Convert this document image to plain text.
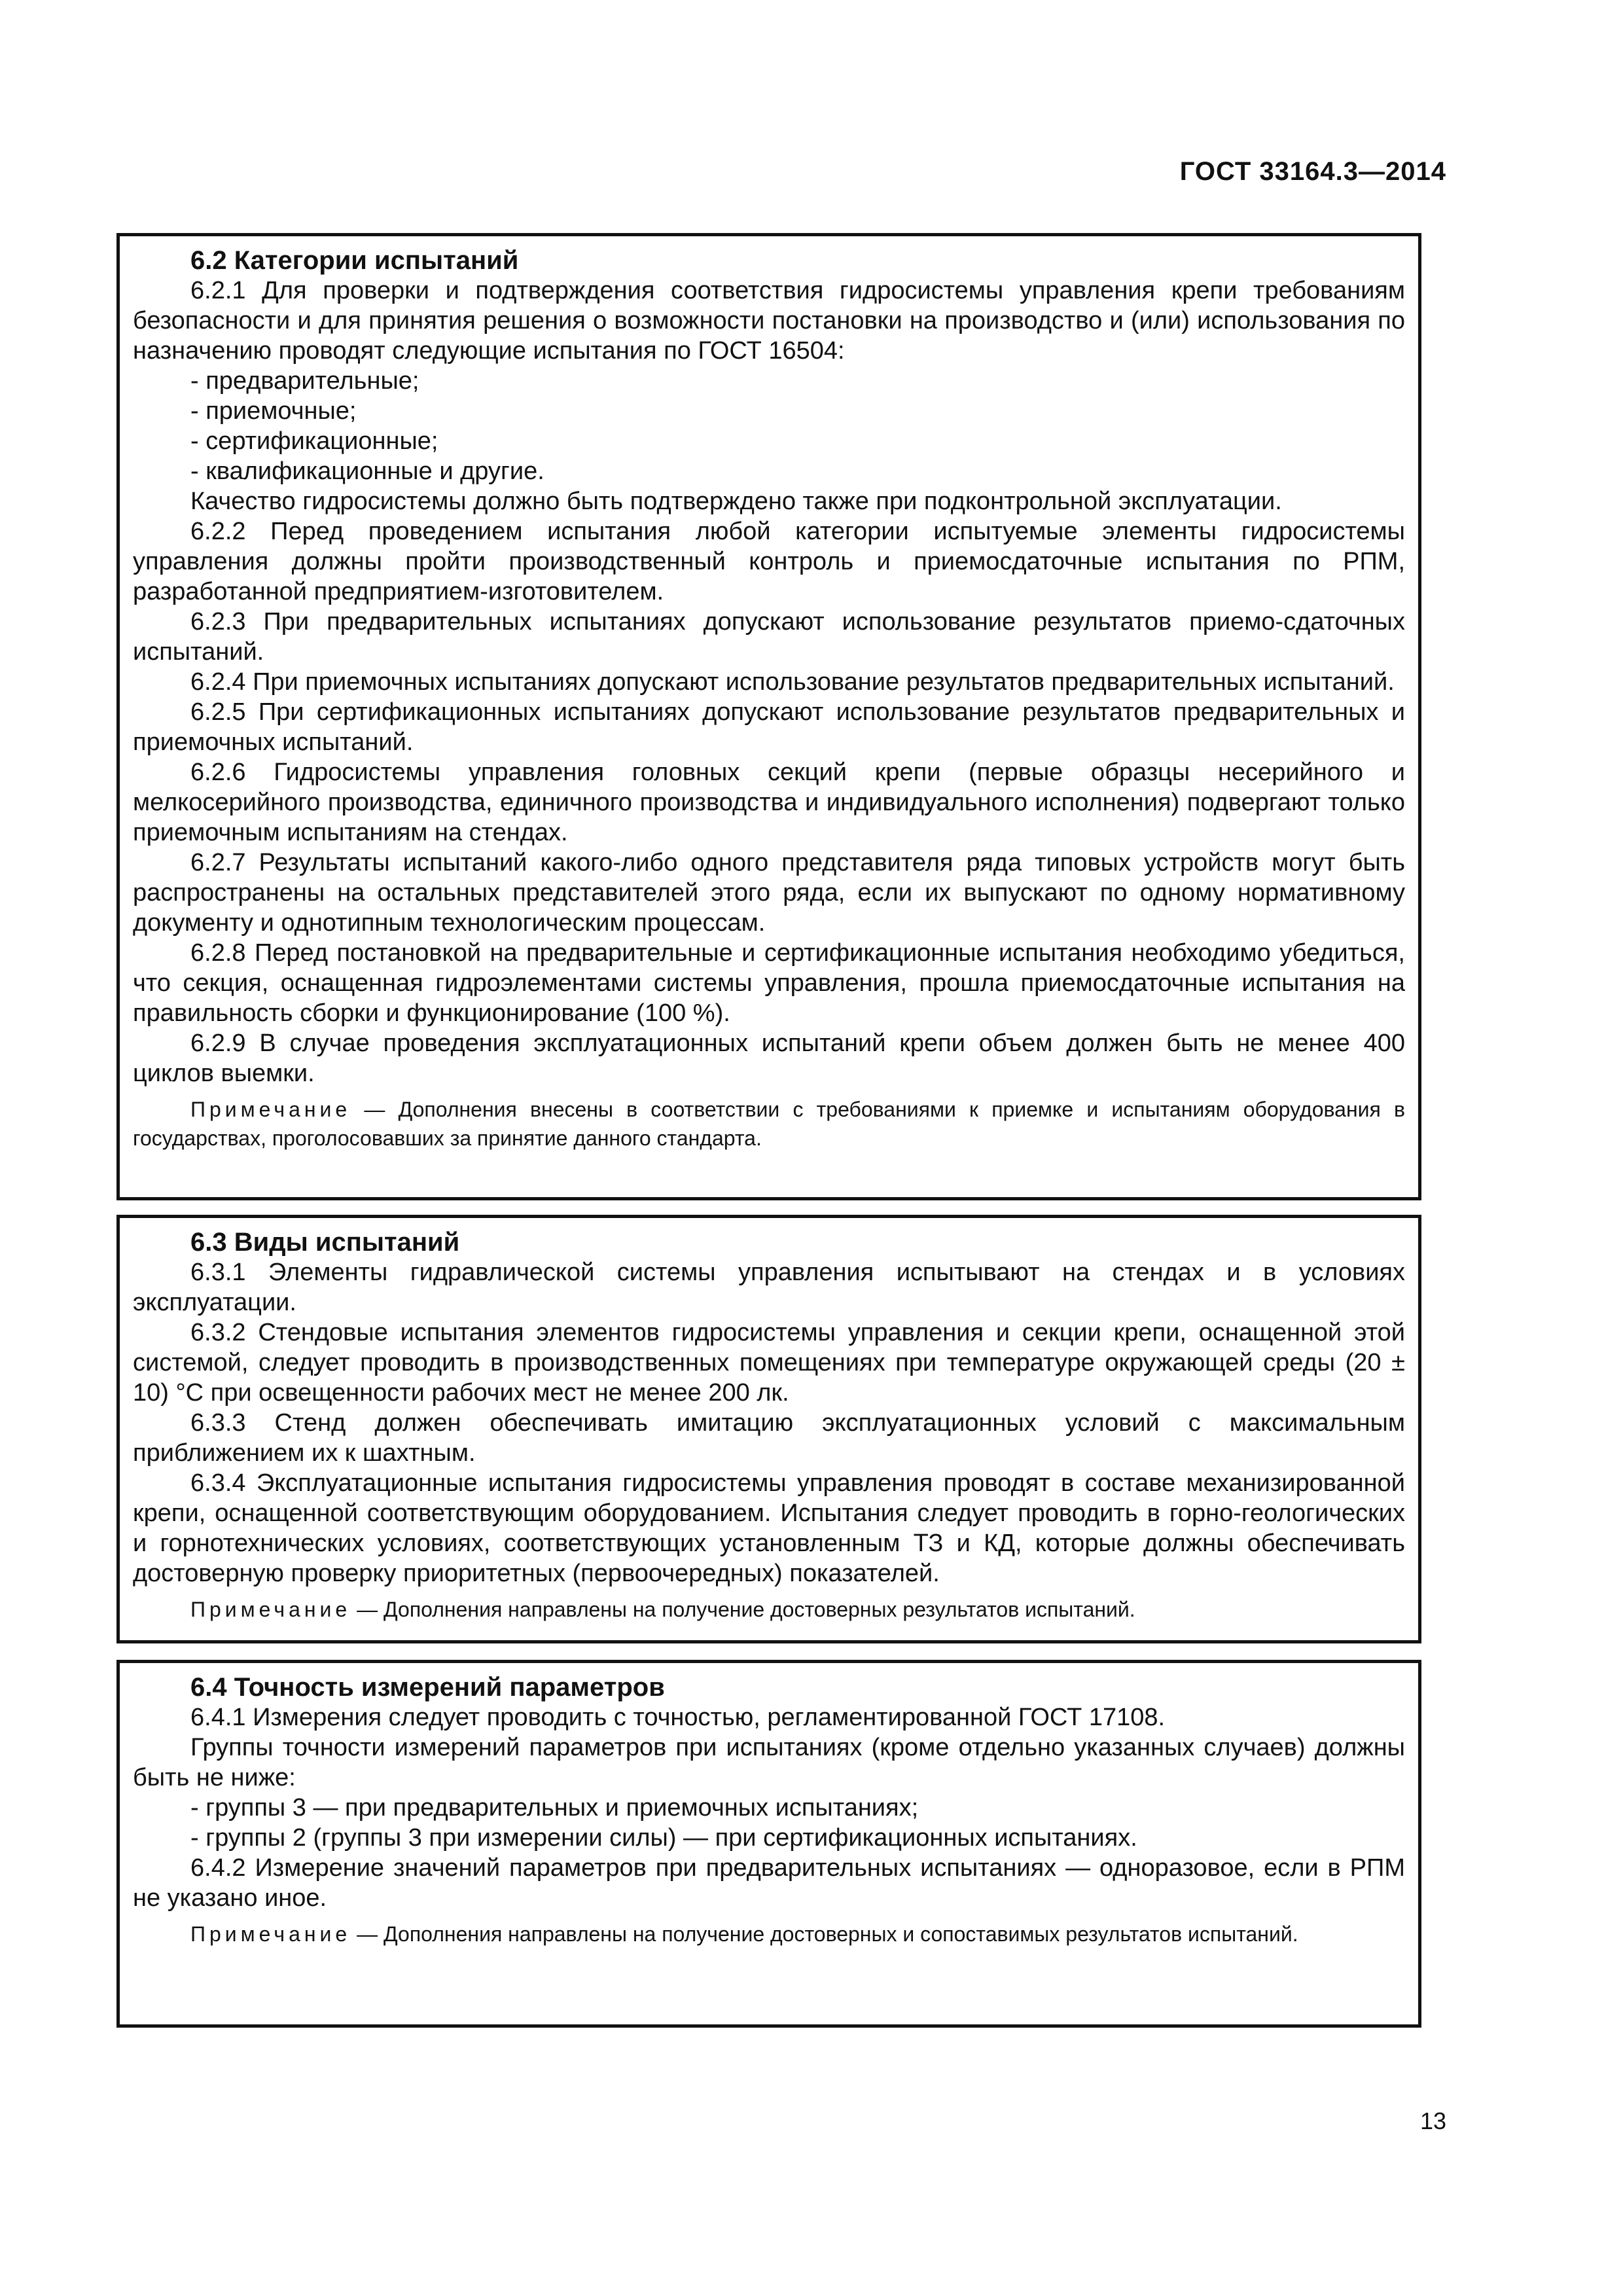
ГОСТ 33164.3—2014
6.2 Категории испытаний

6.2.1 Для проверки и подтверждения соответствия гидросистемы управления крепи требованиям безопасности и для принятия решения о возможности постановки на производство и (или) использования по назначению проводят следующие испытания по ГОСТ 16504:

- предварительные;
- приемочные;
- сертификационные;
- квалификационные и другие.

Качество гидросистемы должно быть подтверждено также при подконтрольной эксплуатации.

6.2.2 Перед проведением испытания любой категории испытуемые элементы гидросистемы управления должны пройти производственный контроль и приемосдаточные испытания по РПМ, разработанной предприятием-изготовителем.

6.2.3 При предварительных испытаниях допускают использование результатов приемо-сдаточных испытаний.

6.2.4 При приемочных испытаниях допускают использование результатов предварительных испытаний.

6.2.5 При сертификационных испытаниях допускают использование результатов предварительных и приемочных испытаний.

6.2.6 Гидросистемы управления головных секций крепи (первые образцы несерийного и мелкосерийного производства, единичного производства и индивидуального исполнения) подвергают только приемочным испытаниям на стендах.

6.2.7 Результаты испытаний какого-либо одного представителя ряда типовых устройств могут быть распространены на остальных представителей этого ряда, если их выпускают по одному нормативному документу и однотипным технологическим процессам.

6.2.8 Перед постановкой на предварительные и сертификационные испытания необходимо убедиться, что секция, оснащенная гидроэлементами системы управления, прошла приемосдаточные испытания на правильность сборки и функционирование (100 %).

6.2.9 В случае проведения эксплуатационных испытаний крепи объем должен быть не менее 400 циклов выемки.

Примечание — Дополнения внесены в соответствии с требованиями к приемке и испытаниям оборудования в государствах, проголосовавших за принятие данного стандарта.

6.3 Виды испытаний

6.3.1 Элементы гидравлической системы управления испытывают на стендах и в условиях эксплуатации.

6.3.2 Стендовые испытания элементов гидросистемы управления и секции крепи, оснащенной этой системой, следует проводить в производственных помещениях при температуре окружающей среды (20 ± 10) °С при освещенности рабочих мест не менее 200 лк.

6.3.3 Стенд должен обеспечивать имитацию эксплуатационных условий с максимальным приближением их к шахтным.

6.3.4 Эксплуатационные испытания гидросистемы управления проводят в составе механизированной крепи, оснащенной соответствующим оборудованием. Испытания следует проводить в горно-геологических и горнотехнических условиях, соответствующих установленным ТЗ и КД, которые должны обеспечивать достоверную проверку приоритетных (первоочередных) показателей.

Примечание — Дополнения направлены на получение достоверных результатов испытаний.

6.4 Точность измерений параметров

6.4.1 Измерения следует проводить с точностью, регламентированной ГОСТ 17108.

Группы точности измерений параметров при испытаниях (кроме отдельно указанных случаев) должны быть не ниже:

- группы 3 — при предварительных и приемочных испытаниях;
- группы 2 (группы 3 при измерении силы) — при сертификационных испытаниях.

6.4.2 Измерение значений параметров при предварительных испытаниях — одноразовое, если в РПМ не указано иное.

Примечание — Дополнения направлены на получение достоверных и сопоставимых результатов испытаний.

13
